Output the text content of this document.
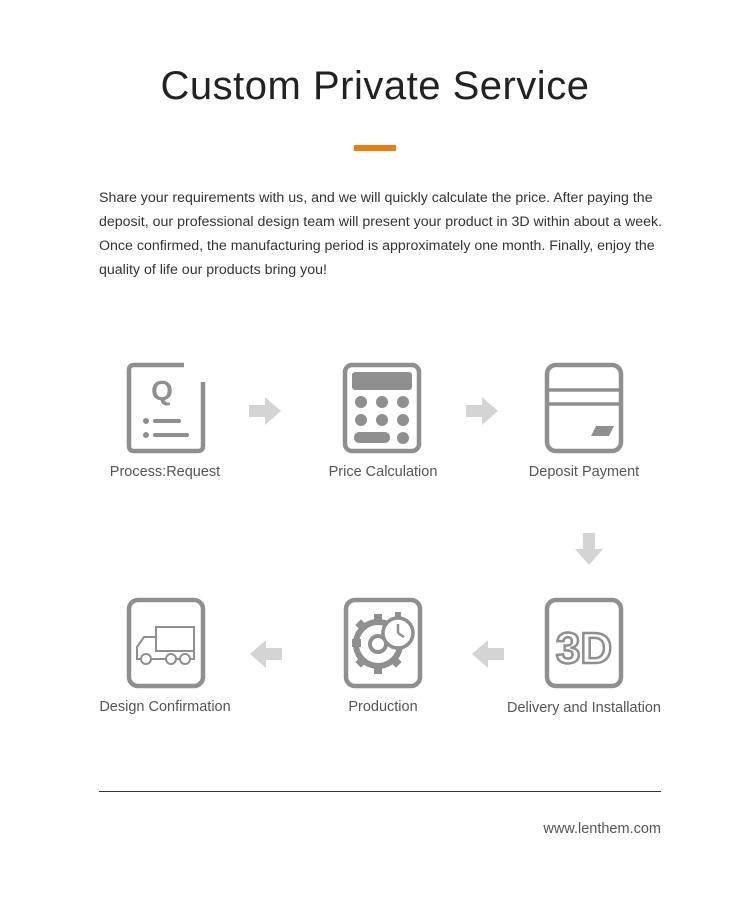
Custom Private Service
Share your requirements with us, and we will quickly calculate the price. After paying the deposit, our professional design team will present your product in 3D within about a week. Once confirmed, the manufacturing period is approximately one month. Finally, enjoy the quality of life our products bring you!
Q
Process:Request	Price Calculation	Deposit Payment
3D
Delivery and Installation
Production
Design Confirmation
www.lenthem.com
